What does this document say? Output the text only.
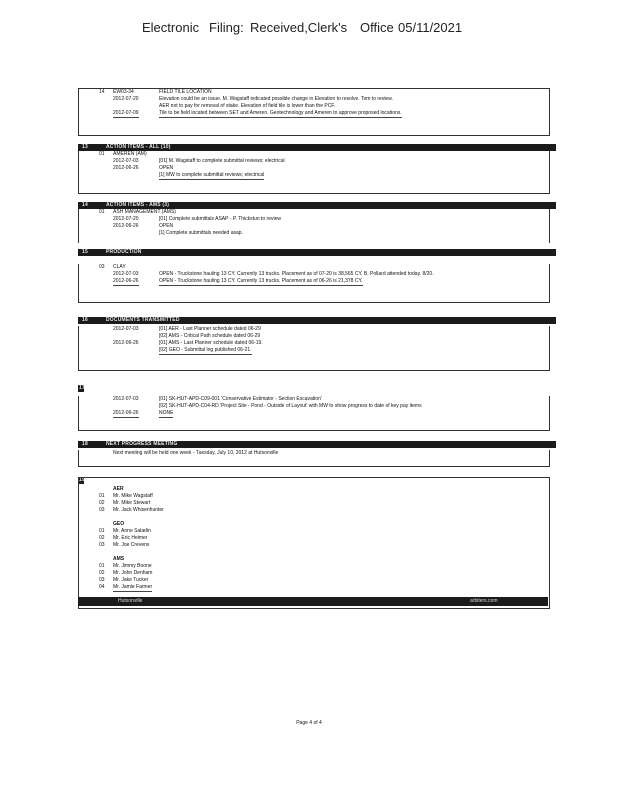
Electronic Filing: Received,Clerk's Office 05/11/2021
14 EW03-34	FIELD TILE LOCATION
2012-07-20	Elevation could be an issue. M. Wagstaff indicated possible change in Elevation to resolve. Tom to review.
AER not to pay for removal of stake. Elevation of field tile is lower than the PCF.
2012-07-09	Tile to be field located between SET and Ameren. Geotechnology and Ameren to approve proposed locations.
13	ACTION ITEMS - ALL (10)
01 AMEREN (AM)
2012-07-03	[01] M. Wagstaff to complete submittal reviews; electrical
2012-06-26	OPEN
[1] MW to complete submittal reviews; electrical
14	ACTION ITEMS - AMS (3)
01 ASH MANAGEMENT (AMS)
2012-07-20	[01] Complete submittals ASAP - P. Thickstun to review
2012-06-26	OPEN
[1] Complete submittals needed asap.
15	PRODUCTION
03 CLAY
2012-07-03	OPEN - Truckstone hauling 13 CY. Currently 13 trucks. Placement as of 07-20 is 38,565 CY. B. Pollard attended today. 8/20.
2012-06-26	OPEN - Truckstone hauling 13 CY. Currently 13 trucks. Placement as of 06-26 is 21,378 CY.
16	DOCUMENTS TRANSMITTED
2012-07-03	[01] AER - Last Planner schedule dated 06-29
[02] AMS - Critical Path schedule dated 06-29
2012-06-26	[01] AMS - Last Planner schedule dated 06-19.
[02] GEO - Submittal log published 06-21.
17
2012-07-03	[01] SK-HUT-APD-C09-001 'Conservative Estimator - Section Excavation'
[02] SK-HUT-APD-C04-RD 'Project Site - Pond - Outside of Layout' with MW to show progress to date of key pay items
2012-06-26	NONE
18	NEXT PROGRESS MEETING
Next meeting will be held one week - Tuesday, July 10, 2012 at Hutsonville
19
AER
01 Mr. Mike Wagstaff
02 Mr. Mike Stewart
03 Mr. Jack Whisenhunter
GEO
01 Mr. Anne Saladin
02 Mr. Eric Heimer
03 Mr. Joe Crevens
AMS
01 Mr. Jimmy Boone
02 Mr. John Denham
03 Mr. Jake Tucker
04 Mr. Jamie Farmer
Hutsonville	arbiters.com
Page 4 of 4
